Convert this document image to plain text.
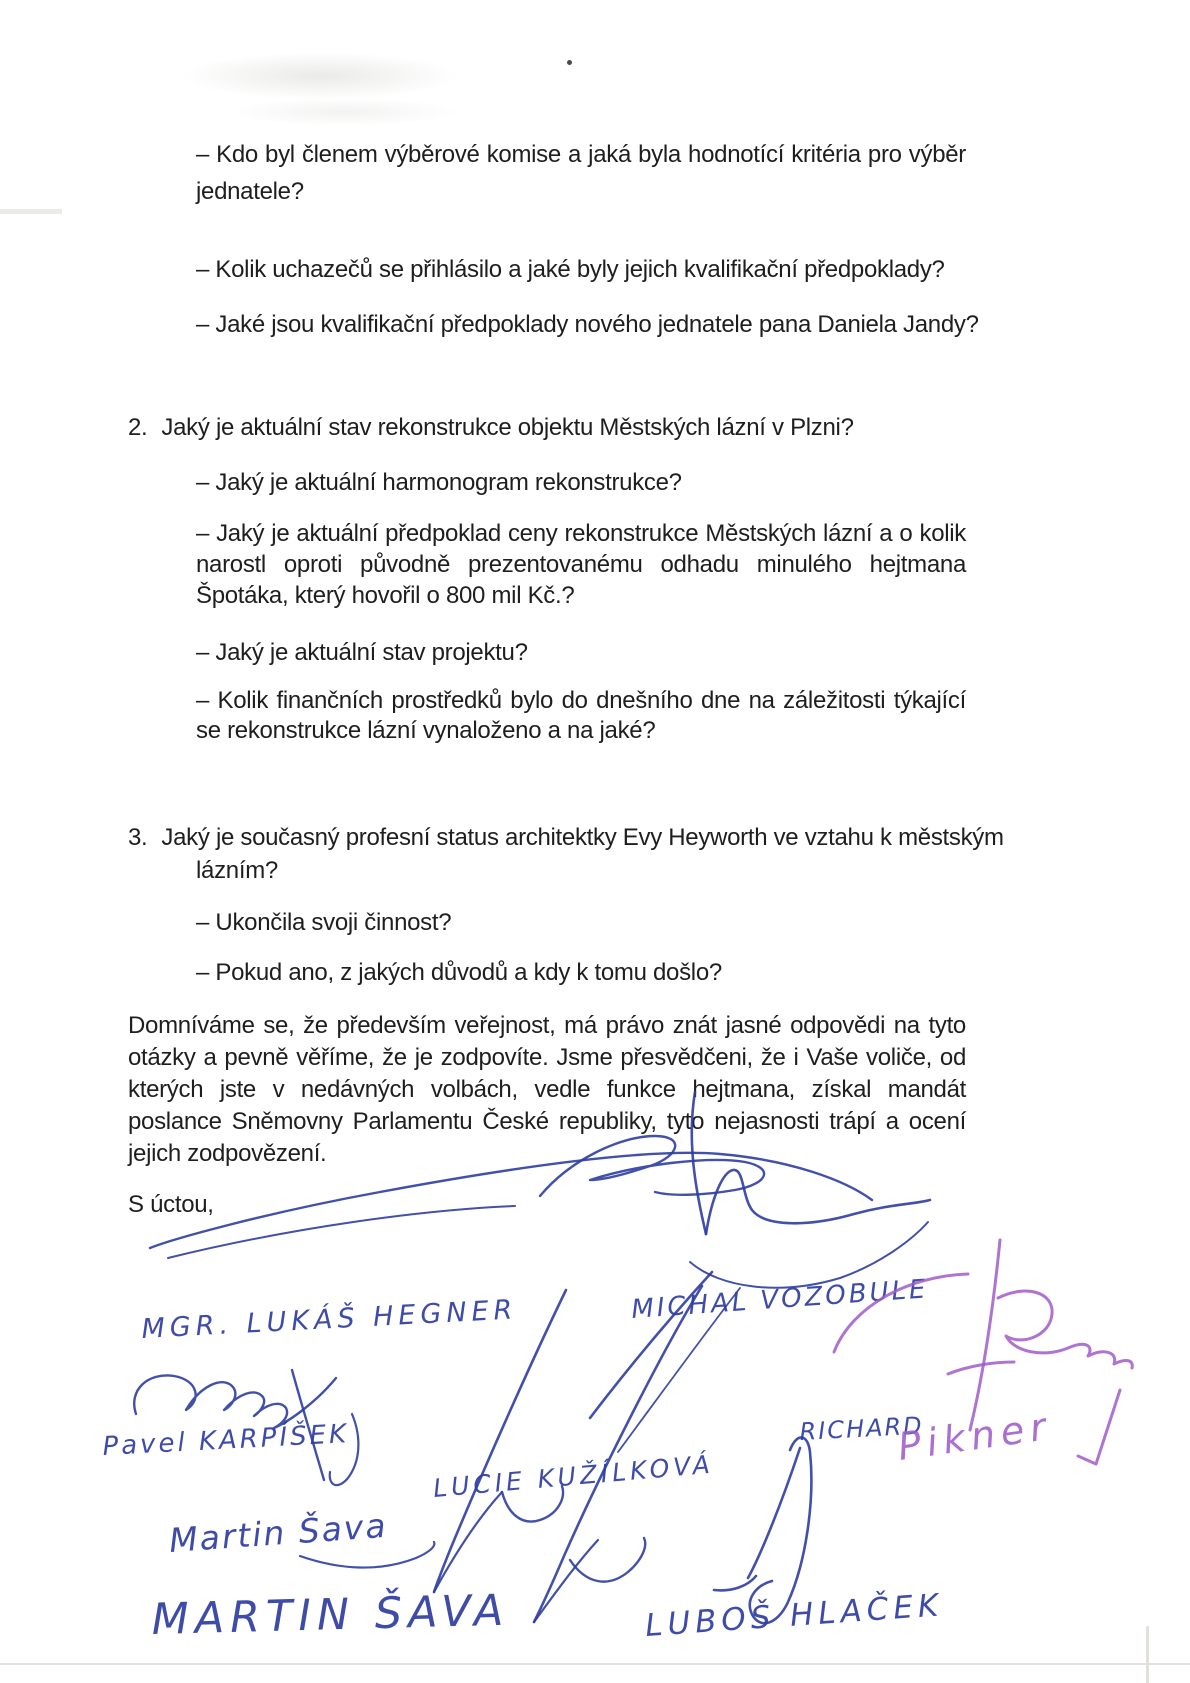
– Kdo byl členem výběrové komise a jaká byla hodnotící kritéria pro výběr jednatele?
– Kolik uchazečů se přihlásilo a jaké byly jejich kvalifikační předpoklady?
– Jaké jsou kvalifikační předpoklady nového jednatele pana Daniela Jandy?
2. Jaký je aktuální stav rekonstrukce objektu Městských lázní v Plzni?
– Jaký je aktuální harmonogram rekonstrukce?
– Jaký je aktuální předpoklad ceny rekonstrukce Městských lázní a o kolik narostl oproti původně prezentovanému odhadu minulého hejtmana Špotáka, který hovořil o 800 mil Kč.?
– Jaký je aktuální stav projektu?
– Kolik finančních prostředků bylo do dnešního dne na záležitosti týkající se rekonstrukce lázní vynaloženo a na jaké?
3. Jaký je současný profesní status architektky Evy Heyworth ve vztahu k městským lázním?
– Ukončila svoji činnost?
– Pokud ano, z jakých důvodů a kdy k tomu došlo?
Domníváme se, že především veřejnost, má právo znát jasné odpovědi na tyto otázky a pevně věříme, že je zodpovíte. Jsme přesvědčeni, že i Vaše voliče, od kterých jste v nedávných volbách, vedle funkce hejtmana, získal mandát poslance Sněmovny Parlamentu České republiky, tyto nejasnosti trápí a ocení jejich zodpovězení.
S úctou,
MGR. LUKÁŠ HEGNER	MICHAL VOZOBULE
Pavel KARPÍŠEK
LUCIE KUŽÍLKOVÁ
RICHARD
Pikner
Martin Šava
MARTIN ŠAVA	LUBOŠ HLAČEK
